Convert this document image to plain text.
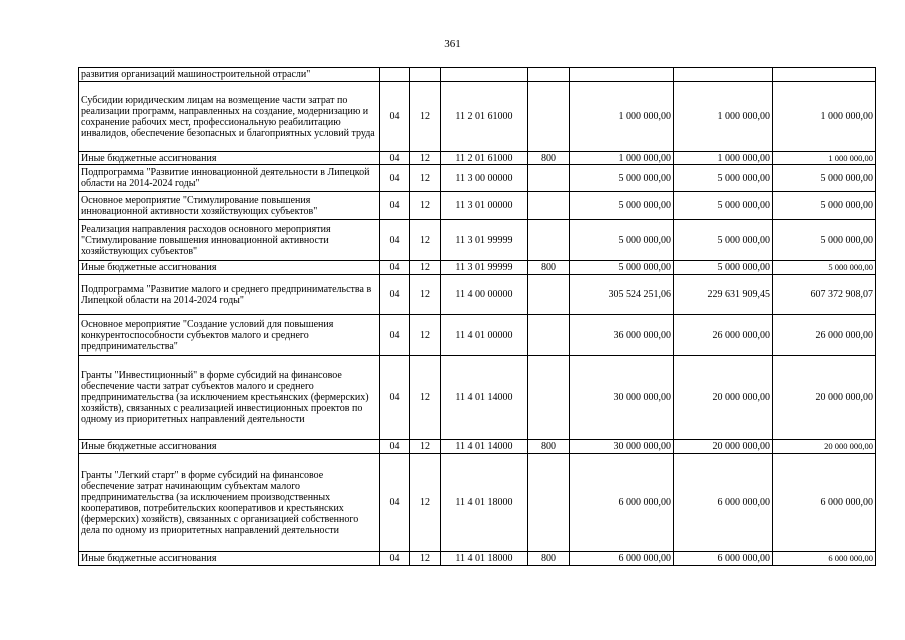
361
развития организаций машиностроительной отрасли"							
Субсидии юридическим лицам на возмещение части затрат по реализации программ, направленных на создание, модернизацию и сохранение рабочих мест, профессиональную реабилитацию инвалидов, обеспечение безопасных и благоприятных условий труда	04	12	11 2 01 61000		1 000 000,00	1 000 000,00	1 000 000,00
Иные бюджетные ассигнования	04	12	11 2 01 61000	800	1 000 000,00	1 000 000,00	1 000 000,00
Подпрограмма "Развитие инновационной деятельности в Липецкой области на 2014-2024 годы"	04	12	11 3 00 00000		5 000 000,00	5 000 000,00	5 000 000,00
Основное мероприятие "Стимулирование повышения инновационной активности хозяйствующих субъектов"	04	12	11 3 01 00000		5 000 000,00	5 000 000,00	5 000 000,00
Реализация направления расходов основного мероприятия "Стимулирование повышения инновационной активности хозяйствующих субъектов"	04	12	11 3 01 99999		5 000 000,00	5 000 000,00	5 000 000,00
Иные бюджетные ассигнования	04	12	11 3 01 99999	800	5 000 000,00	5 000 000,00	5 000 000,00
Подпрограмма "Развитие малого и среднего предпринимательства в Липецкой области на 2014-2024 годы"	04	12	11 4 00 00000		305 524 251,06	229 631 909,45	607 372 908,07
Основное мероприятие "Создание условий для повышения конкурентоспособности субъектов малого и среднего предпринимательства"	04	12	11 4 01 00000		36 000 000,00	26 000 000,00	26 000 000,00
Гранты "Инвестиционный" в форме субсидий на финансовое обеспечение части затрат субъектов малого и среднего предпринимательства (за исключением крестьянских (фермерских) хозяйств), связанных с реализацией инвестиционных проектов по одному из приоритетных направлений деятельности	04	12	11 4 01 14000		30 000 000,00	20 000 000,00	20 000 000,00
Иные бюджетные ассигнования	04	12	11 4 01 14000	800	30 000 000,00	20 000 000,00	20 000 000,00
Гранты "Легкий старт" в форме субсидий на финансовое обеспечение затрат начинающим субъектам малого предпринимательства (за исключением производственных кооперативов, потребительских кооперативов и крестьянских (фермерских) хозяйств), связанных с организацией собственного дела по одному из приоритетных направлений деятельности	04	12	11 4 01 18000		6 000 000,00	6 000 000,00	6 000 000,00
Иные бюджетные ассигнования	04	12	11 4 01 18000	800	6 000 000,00	6 000 000,00	6 000 000,00
